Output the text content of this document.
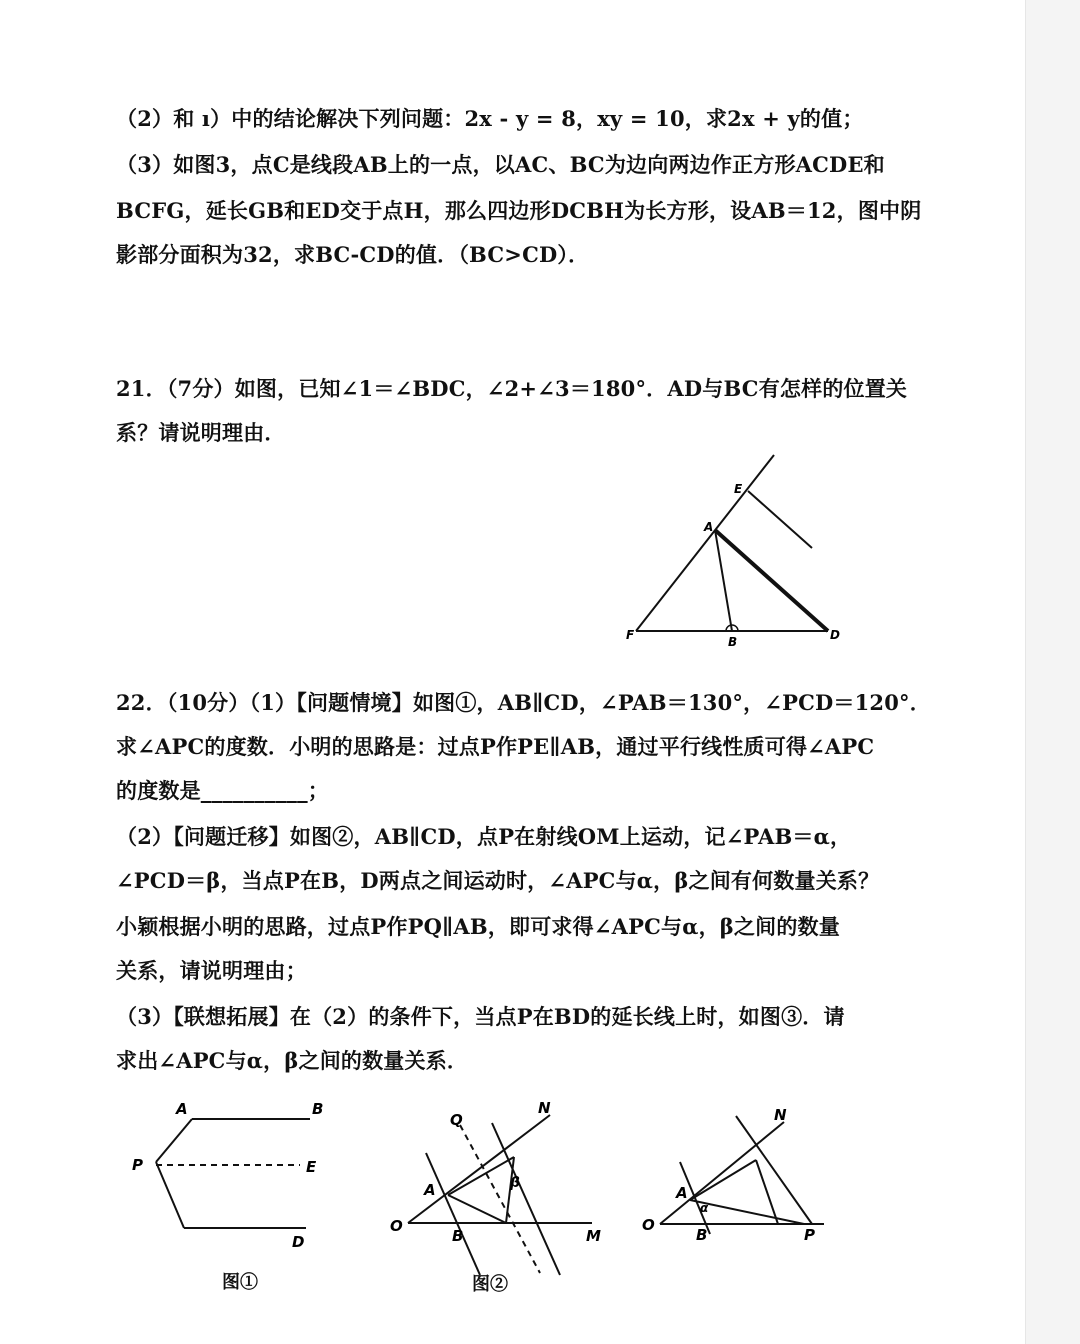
（2）和 ı）中的结论解决下列问题：2x - y = 8，xy = 10，求2x + y的值；
（3）如图3，点C是线段AB上的一点，以AC、BC为边向两边作正方形ACDE和
BCFG，延长GB和ED交于点H，那么四边形DCBH为长方形，设AB＝12，图中阴
影部分面积为32，求BC-CD的值．（BC>CD）．
21．（7分）如图，已知∠1＝∠BDC，∠2+∠3＝180°．AD与BC有怎样的位置关
系？请说明理由．
E
A
F	B	D
22．（10分）（1）【问题情境】如图①，AB∥CD，∠PAB＝130°，∠PCD＝120°．
求∠APC的度数．小明的思路是：过点P作PE∥AB，通过平行线性质可得∠APC
的度数是__________；
（2）【问题迁移】如图②，AB∥CD，点P在射线OM上运动，记∠PAB＝α，
∠PCD＝β，当点P在B，D两点之间运动时，∠APC与α，β之间有何数量关系？
小颖根据小明的思路，过点P作PQ∥AB，即可求得∠APC与α，β之间的数量
关系，请说明理由；
（3）【联想拓展】在（2）的条件下，当点P在BD的延长线上时，如图③．请
求出∠APC与α，β之间的数量关系．
A	B
P	E
D
图①
Q
N
A
B
O
M
β
图②
N
A
α
O
B	P
